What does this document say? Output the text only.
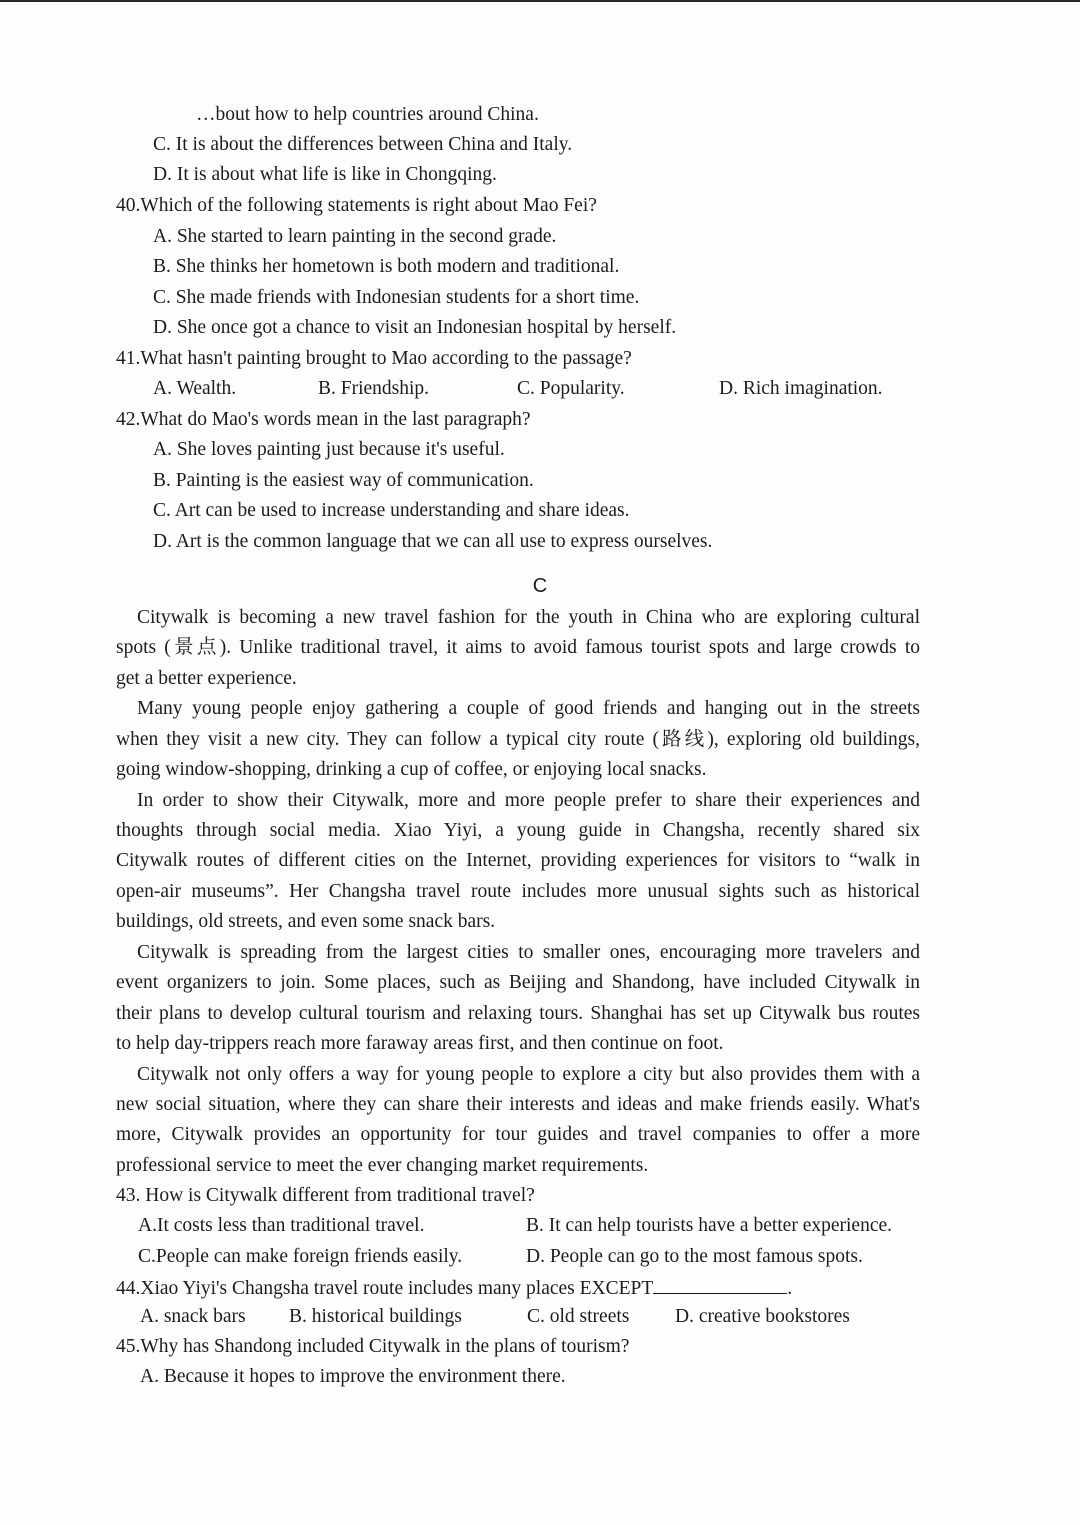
…bout how to help countries around China.
C. It is about the differences between China and Italy.
D. It is about what life is like in Chongqing.
40.Which of the following statements is right about Mao Fei?
A. She started to learn painting in the second grade.
B. She thinks her hometown is both modern and traditional.
C. She made friends with Indonesian students for a short time.
D. She once got a chance to visit an Indonesian hospital by herself.
41.What hasn't painting brought to Mao according to the passage?
A. Wealth.	B. Friendship.	C. Popularity.	D. Rich imagination.
42.What do Mao's words mean in the last paragraph?
A. She loves painting just because it's useful.
B. Painting is the easiest way of communication.
C. Art can be used to increase understanding and share ideas.
D. Art is the common language that we can all use to express ourselves.
C
Citywalk is becoming a new travel fashion for the youth in China who are exploring cultural
spots (景点). Unlike traditional travel, it aims to avoid famous tourist spots and large crowds to
get a better experience.
Many young people enjoy gathering a couple of good friends and hanging out in the streets
when they visit a new city. They can follow a typical city route (路线), exploring old buildings,
going window-shopping, drinking a cup of coffee, or enjoying local snacks.
In order to show their Citywalk, more and more people prefer to share their experiences and
thoughts through social media. Xiao Yiyi, a young guide in Changsha, recently shared six
Citywalk routes of different cities on the Internet, providing experiences for visitors to “walk in
open-air museums”. Her Changsha travel route includes more unusual sights such as historical
buildings, old streets, and even some snack bars.
Citywalk is spreading from the largest cities to smaller ones, encouraging more travelers and
event organizers to join. Some places, such as Beijing and Shandong, have included Citywalk in
their plans to develop cultural tourism and relaxing tours. Shanghai has set up Citywalk bus routes
to help day-trippers reach more faraway areas first, and then continue on foot.
Citywalk not only offers a way for young people to explore a city but also provides them with a
new social situation, where they can share their interests and ideas and make friends easily. What's
more, Citywalk provides an opportunity for tour guides and travel companies to offer a more
professional service to meet the ever changing market requirements.
43. How is Citywalk different from traditional travel?
A.It costs less than traditional travel.	B. It can help tourists have a better experience.
C.People can make foreign friends easily.	D. People can go to the most famous spots.
44.Xiao Yiyi's Changsha travel route includes many places EXCEPT	.
A. snack bars B. historical buildings	C. old streets D. creative bookstores
45.Why has Shandong included Citywalk in the plans of tourism?
A. Because it hopes to improve the environment there.
